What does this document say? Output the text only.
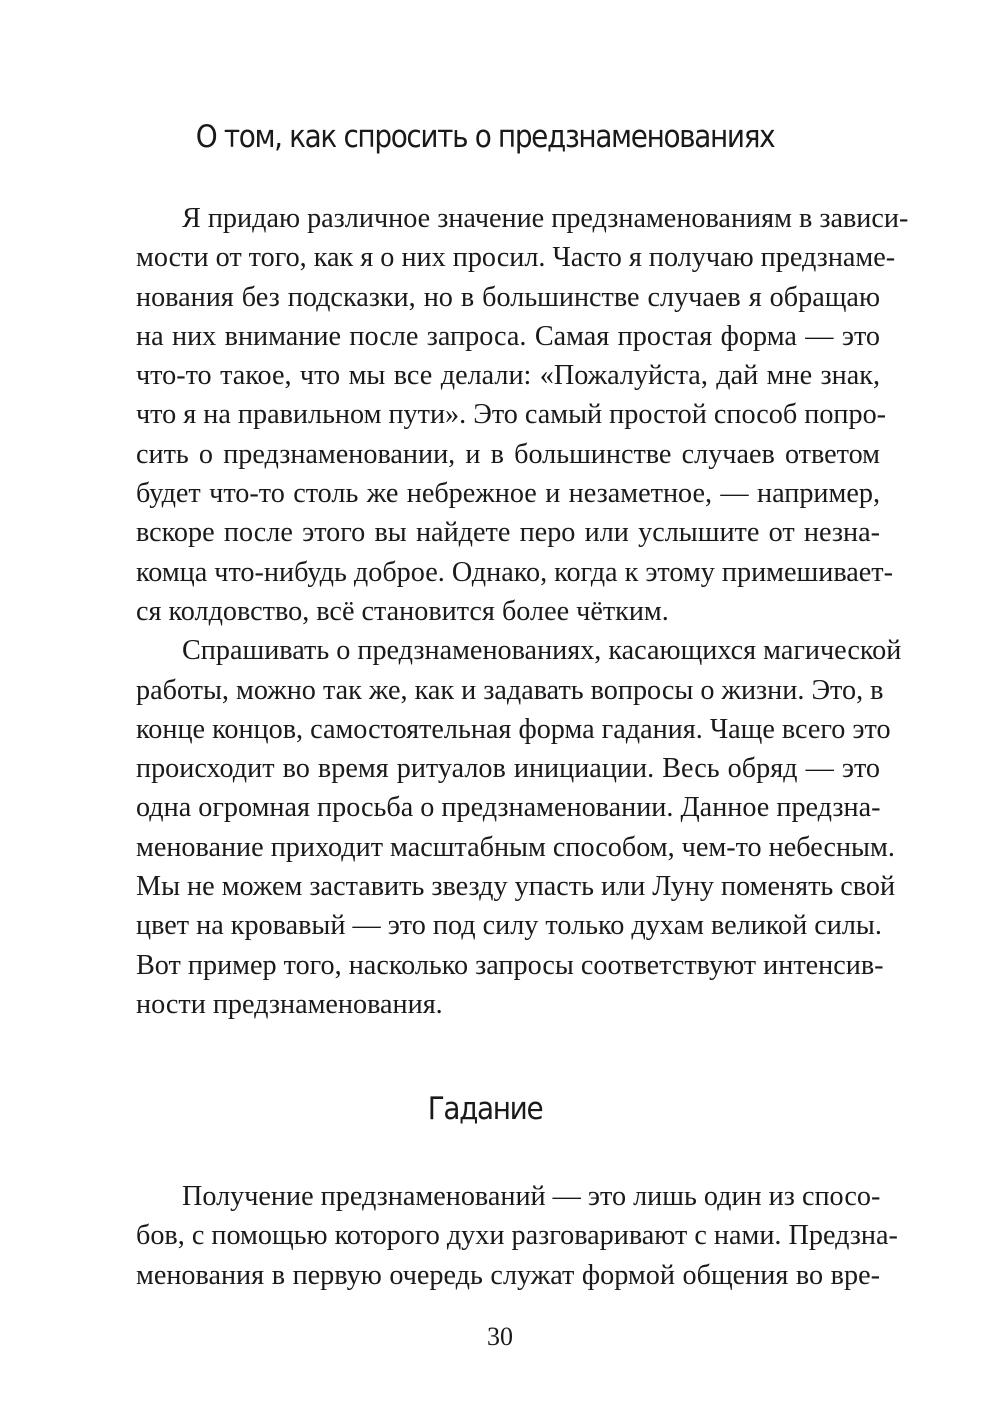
О том, как спросить о предзнаменованиях

Я придаю различное значение предзнаменованиям в зависи-
мости от того, как я о них просил. Часто я получаю предзнаме-
нования без подсказки, но в большинстве случаев я обращаю
на них внимание после запроса. Самая простая форма — это
что-то такое, что мы все делали: «Пожалуйста, дай мне знак,
что я на правильном пути». Это самый простой способ попро-
сить о предзнаменовании, и в большинстве случаев ответом
будет что-то столь же небрежное и незаметное, — например,
вскоре после этого вы найдете перо или услышите от незна-
комца что-нибудь доброе. Однако, когда к этому примешивает-
ся колдовство, всё становится более чётким.

Спрашивать о предзнаменованиях, касающихся магической
работы, можно так же, как и задавать вопросы о жизни. Это, в
конце концов, самостоятельная форма гадания. Чаще всего это
происходит во время ритуалов инициации. Весь обряд — это
одна огромная просьба о предзнаменовании. Данное предзна-
менование приходит масштабным способом, чем-то небесным.
Мы не можем заставить звезду упасть или Луну поменять свой
цвет на кровавый — это под силу только духам великой силы.
Вот пример того, насколько запросы соответствуют интенсив-
ности предзнаменования.

Гадание

Получение предзнаменований — это лишь один из спосо-
бов, с помощью которого духи разговаривают с нами. Предзна-
менования в первую очередь служат формой общения во вре-

30
